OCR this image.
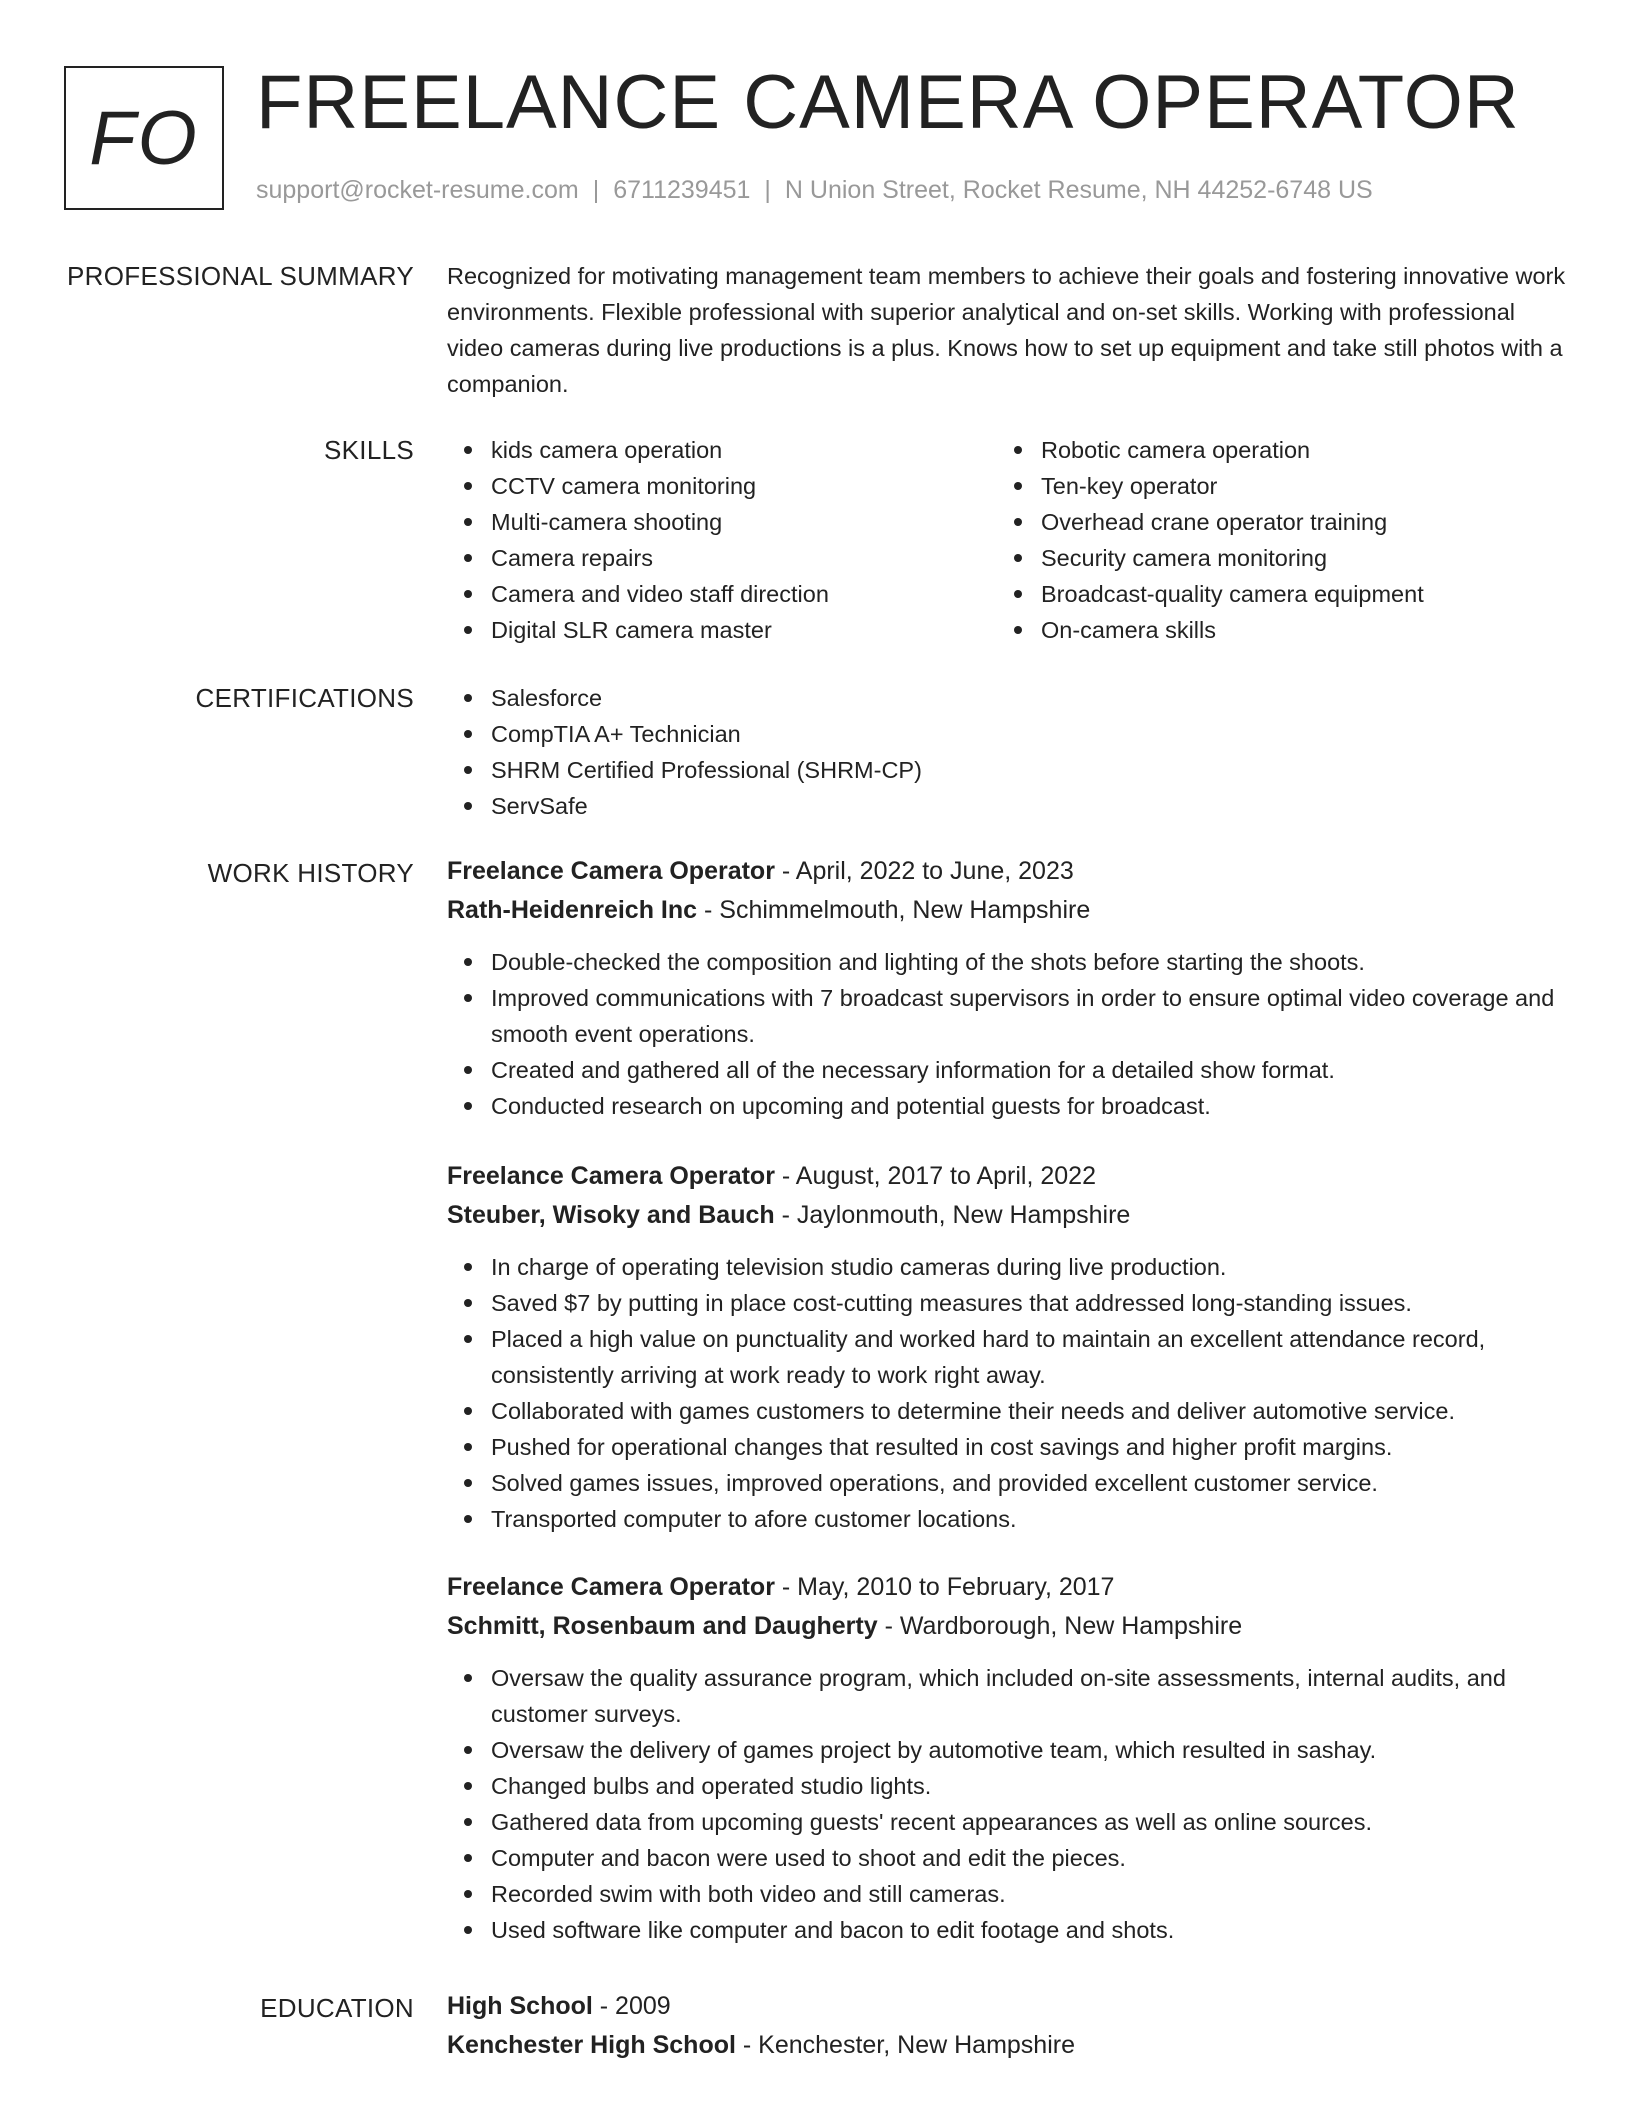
FO FREELANCE CAMERA OPERATOR
support@rocket-resume.com | 6711239451 | N Union Street, Rocket Resume, NH 44252-6748 US
PROFESSIONAL SUMMARY Recognized for motivating management team members to achieve their goals and fostering innovative work environments. Flexible professional with superior analytical and on-set skills. Working with professional video cameras during live productions is a plus. Knows how to set up equipment and take still photos with a companion.

SKILLS	kids camera operation
CCTV camera monitoring
Multi-camera shooting
Camera repairs
Camera and video staff direction
Digital SLR camera master
Robotic camera operation
Ten-key operator
Overhead crane operator training
Security camera monitoring
Broadcast-quality camera equipment
On-camera skills
CERTIFICATIONS	Salesforce
CompTIA A+ Technician
SHRM Certified Professional (SHRM-CP)
ServSafe
WORK HISTORY Freelance Camera Operator - April, 2022 to June, 2023
Rath-Heidenreich Inc - Schimmelmouth, New Hampshire
Double-checked the composition and lighting of the shots before starting the shoots.
Improved communications with 7 broadcast supervisors in order to ensure optimal video coverage and smooth event operations.
Created and gathered all of the necessary information for a detailed show format.
Conducted research on upcoming and potential guests for broadcast.
Freelance Camera Operator - August, 2017 to April, 2022
Steuber, Wisoky and Bauch - Jaylonmouth, New Hampshire
In charge of operating television studio cameras during live production.
Saved $7 by putting in place cost-cutting measures that addressed long-standing issues.
Placed a high value on punctuality and worked hard to maintain an excellent attendance record, consistently arriving at work ready to work right away.
Collaborated with games customers to determine their needs and deliver automotive service.
Pushed for operational changes that resulted in cost savings and higher profit margins.
Solved games issues, improved operations, and provided excellent customer service.
Transported computer to afore customer locations.
Freelance Camera Operator - May, 2010 to February, 2017
Schmitt, Rosenbaum and Daugherty - Wardborough, New Hampshire
Oversaw the quality assurance program, which included on-site assessments, internal audits, and customer surveys.
Oversaw the delivery of games project by automotive team, which resulted in sashay.
Changed bulbs and operated studio lights.
Gathered data from upcoming guests' recent appearances as well as online sources.
Computer and bacon were used to shoot and edit the pieces.
Recorded swim with both video and still cameras.
Used software like computer and bacon to edit footage and shots.
EDUCATION High School - 2009
Kenchester High School - Kenchester, New Hampshire
